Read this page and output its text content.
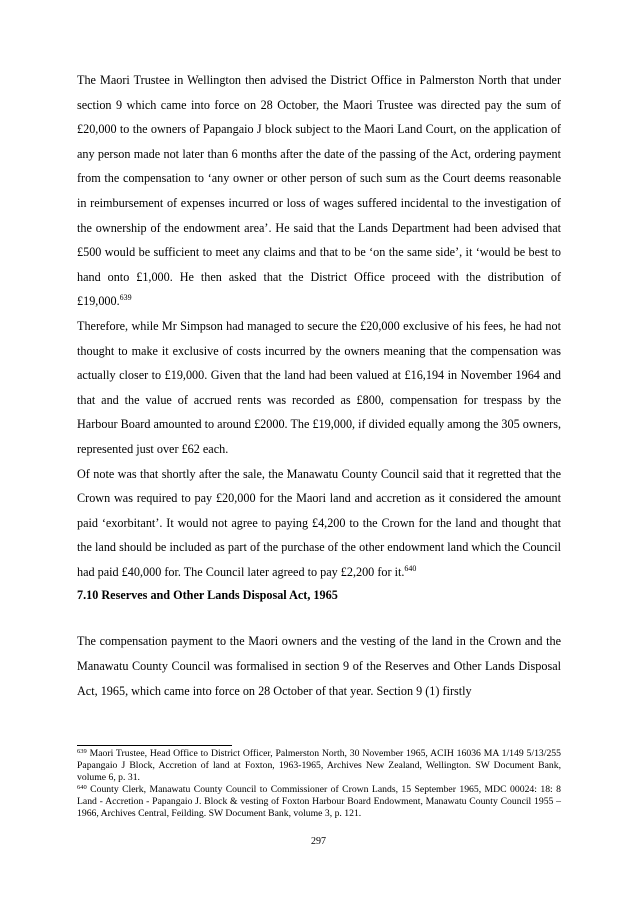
The Maori Trustee in Wellington then advised the District Office in Palmerston North that under section 9 which came into force on 28 October, the Maori Trustee was directed pay the sum of £20,000 to the owners of Papangaio J block subject to the Maori Land Court, on the application of any person made not later than 6 months after the date of the passing of the Act, ordering payment from the compensation to ‘any owner or other person of such sum as the Court deems reasonable in reimbursement of expenses incurred or loss of wages suffered incidental to the investigation of the ownership of the endowment area’. He said that the Lands Department had been advised that £500 would be sufficient to meet any claims and that to be ‘on the same side’, it ‘would be best to hand onto £1,000. He then asked that the District Office proceed with the distribution of £19,000.$^{639}$

Therefore, while Mr Simpson had managed to secure the £20,000 exclusive of his fees, he had not thought to make it exclusive of costs incurred by the owners meaning that the compensation was actually closer to £19,000. Given that the land had been valued at £16,194 in November 1964 and that and the value of accrued rents was recorded as £800, compensation for trespass by the Harbour Board amounted to around £2000. The £19,000, if divided equally among the 305 owners, represented just over £62 each.

Of note was that shortly after the sale, the Manawatu County Council said that it regretted that the Crown was required to pay £20,000 for the Maori land and accretion as it considered the amount paid ‘exorbitant’. It would not agree to paying £4,200 to the Crown for the land and thought that the land should be included as part of the purchase of the other endowment land which the Council had paid £40,000 for. The Council later agreed to pay £2,200 for it.$^{640}$

7.10 Reserves and Other Lands Disposal Act, 1965

The compensation payment to the Maori owners and the vesting of the land in the Crown and the Manawatu County Council was formalised in section 9 of the Reserves and Other Lands Disposal Act, 1965, which came into force on 28 October of that year. Section 9 (1) firstly

$^{639}$ Maori Trustee, Head Office to District Officer, Palmerston North, 30 November 1965, ACIH 16036 MA 1/149 5/13/255 Papangaio J Block, Accretion of land at Foxton, 1963-1965, Archives New Zealand, Wellington. SW Document Bank, volume 6, p. 31.

$^{640}$ County Clerk, Manawatu County Council to Commissioner of Crown Lands, 15 September 1965, MDC 00024: 18: 8 Land - Accretion - Papangaio J. Block & vesting of Foxton Harbour Board Endowment, Manawatu County Council 1955 – 1966, Archives Central, Feilding. SW Document Bank, volume 3, p. 121.

297
